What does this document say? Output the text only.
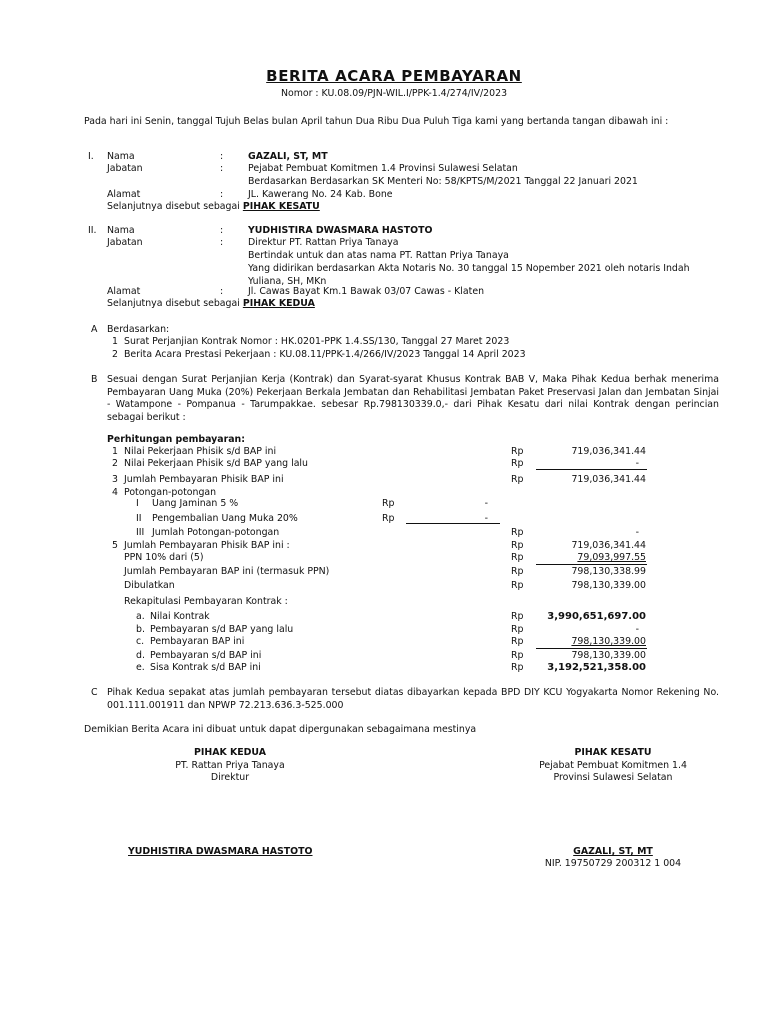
BERITA ACARA PEMBAYARAN
Nomor : KU.08.09/PJN-WIL.I/PPK-1.4/274/IV/2023
Pada hari ini Senin, tanggal Tujuh Belas bulan April tahun Dua Ribu Dua Puluh Tiga kami yang bertanda tangan dibawah ini :
I. Nama	:	GAZALI, ST, MT
Jabatan	:	Pejabat Pembuat Komitmen 1.4 Provinsi Sulawesi Selatan
Berdasarkan Berdasarkan SK Menteri No: 58/KPTS/M/2021 Tanggal 22 Januari 2021
Alamat	:	JL. Kawerang No. 24 Kab. Bone
Selanjutnya disebut sebagai PIHAK KESATU
II. Nama	:	YUDHISTIRA DWASMARA HASTOTO
Jabatan	:	Direktur PT. Rattan Priya Tanaya
Bertindak untuk dan atas nama PT. Rattan Priya Tanaya
Yang didirikan berdasarkan Akta Notaris No. 30 tanggal 15 Nopember 2021 oleh notaris Indah
Yuliana, SH, MKn
Alamat	:	Jl. Cawas Bayat Km.1 Bawak 03/07 Cawas - Klaten
Selanjutnya disebut sebagai PIHAK KEDUA
A Berdasarkan:
1 Surat Perjanjian Kontrak Nomor : HK.0201-PPK 1.4.SS/130, Tanggal 27 Maret 2023
2 Berita Acara Prestasi Pekerjaan : KU.08.11/PPK-1.4/266/IV/2023 Tanggal 14 April 2023
B Sesuai dengan Surat Perjanjian Kerja (Kontrak) dan Syarat-syarat Khusus Kontrak BAB V, Maka Pihak Kedua berhak menerima Pembayaran Uang Muka (20%) Pekerjaan Berkala Jembatan dan Rehabilitasi Jembatan Paket Preservasi Jalan dan Jembatan Sinjai - Watampone - Pompanua - Tarumpakkae. sebesar Rp.798130339.0,- dari Pihak Kesatu dari nilai Kontrak dengan perincian sebagai berikut :
Perhitungan pembayaran:
1 Nilai Pekerjaan Phisik s/d BAP ini	Rp	719,036,341.44
2 Nilai Pekerjaan Phisik s/d BAP yang lalu	Rp	-
3 Jumlah Pembayaran Phisik BAP ini	Rp	719,036,341.44
4 Potongan-potongan
I Uang Jaminan 5 %	Rp	-
II Pengembalian Uang Muka 20%	Rp	-
III Jumlah Potongan-potongan	Rp	-
5 Jumlah Pembayaran Phisik BAP ini :	Rp	719,036,341.44
PPN 10% dari (5)	Rp	79,093,997.55
Jumlah Pembayaran BAP ini (termasuk PPN)	Rp	798,130,338.99
Dibulatkan	Rp	798,130,339.00
Rekapitulasi Pembayaran Kontrak :
a. Nilai Kontrak	Rp	3,990,651,697.00
b. Pembayaran s/d BAP yang lalu	Rp	-
c. Pembayaran BAP ini	Rp	798,130,339.00
d. Pembayaran s/d BAP ini	Rp	798,130,339.00
e. Sisa Kontrak s/d BAP ini	Rp	3,192,521,358.00
C Pihak Kedua sepakat atas jumlah pembayaran tersebut diatas dibayarkan kepada BPD DIY KCU Yogyakarta Nomor Rekening No. 001.111.001911 dan NPWP 72.213.636.3-525.000
Demikian Berita Acara ini dibuat untuk dapat dipergunakan sebagaimana mestinya
PIHAK KEDUA
PT. Rattan Priya Tanaya
Direktur
YUDHISTIRA DWASMARA HASTOTO
PIHAK KESATU
Pejabat Pembuat Komitmen 1.4
Provinsi Sulawesi Selatan
GAZALI, ST, MT
NIP. 19750729 200312 1 004
